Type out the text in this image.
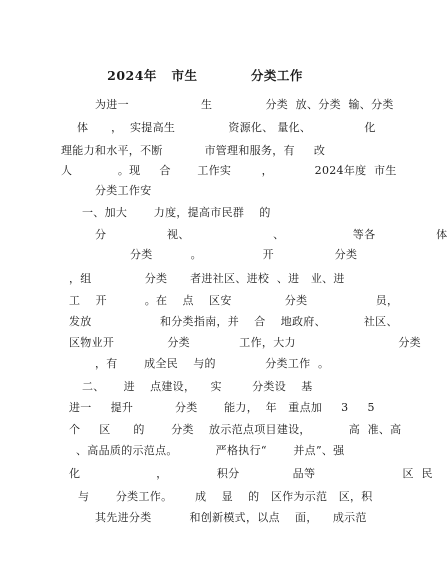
2024年   市生           分类工作
为进一                   生              分类  放、分类  输、分类
体      ，  实提高生              资源化、 量化、              化
理能力和水平，不断           市管理和服务，有     改
人            。现     合       工作实        ，           2024年度  市生
分类工作安
一、加大       力度，提高市民群    的
分                视、                      、                  等各                体
分类          。                开                分类
，组              分类      者进社区、进校  、进   业、进
工    开          。在    点    区安              分类                  员，
发放                  和分类指南，并    合    地政府、          社区、
区物业开              分类             工作，大力                           分类
，有       成全民    与的             分类工作  。
二、     进    点建设，    实        分类设    基
进一     提升           分类       能力，  年   重点加     3     5
个     区      的       分类    放示范点项目建设，          高  准、高
、高品质的示范点。          严格执行“       并点”、强
化                    ，             积分              品等                       区  民
与       分类工作。      成    显    的   区作为示范   区，积
其先进分类          和创新模式，以点    面，    成示范
